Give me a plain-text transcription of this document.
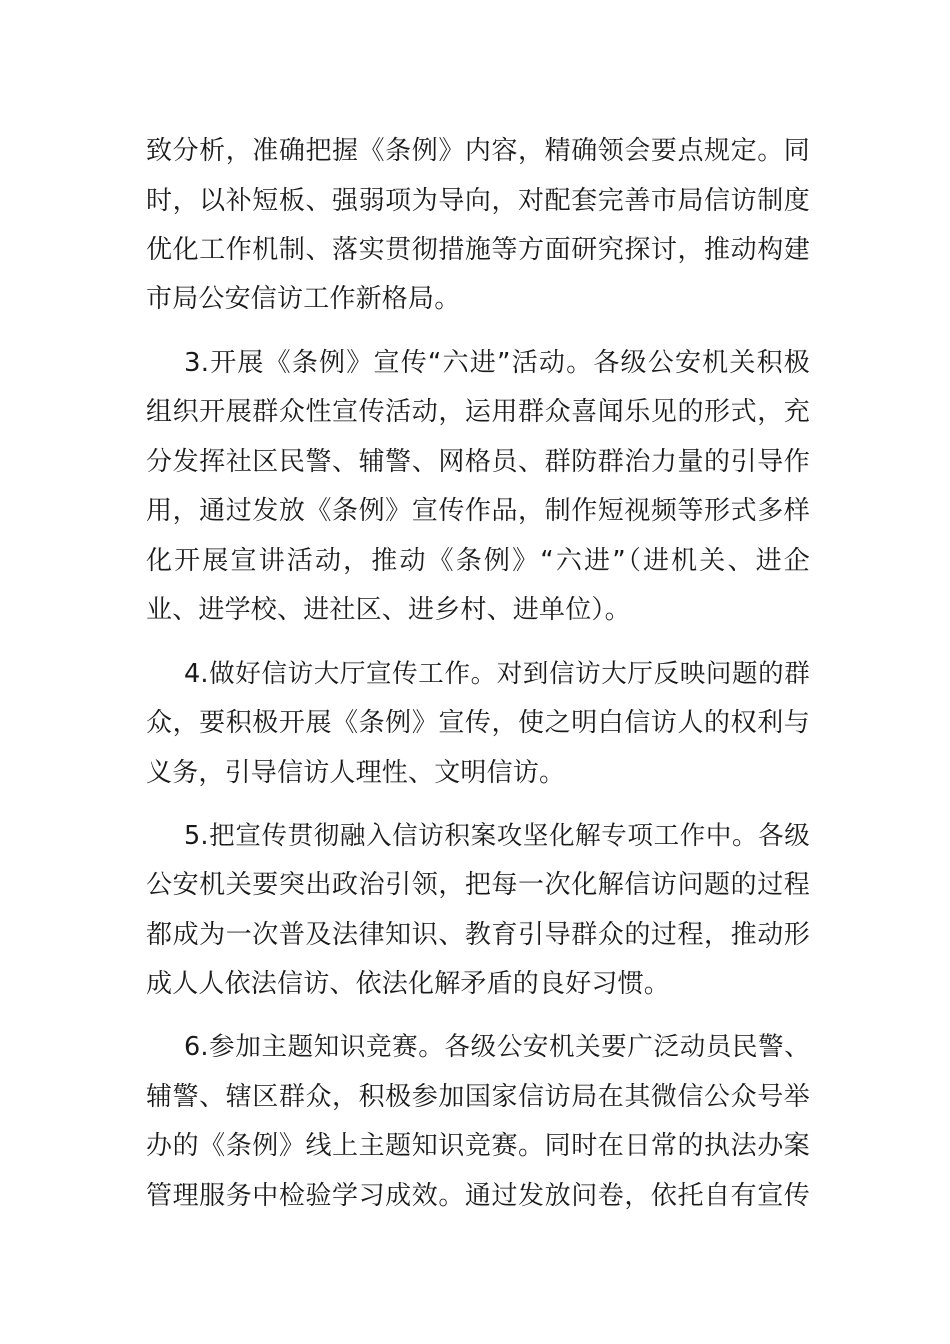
致分析，准确把握《条例》内容，精确领会要点规定。同
时，以补短板、强弱项为导向，对配套完善市局信访制度
优化工作机制、落实贯彻措施等方面研究探讨，推动构建
市局公安信访工作新格局。
3.开展《条例》宣传“六进”活动。各级公安机关积极
组织开展群众性宣传活动，运用群众喜闻乐见的形式，充
分发挥社区民警、辅警、网格员、群防群治力量的引导作
用，通过发放《条例》宣传作品，制作短视频等形式多样
化开展宣讲活动，推动《条例》“六进”（进机关、进企
业、进学校、进社区、进乡村、进单位）。
4.做好信访大厅宣传工作。对到信访大厅反映问题的群
众，要积极开展《条例》宣传，使之明白信访人的权利与
义务，引导信访人理性、文明信访。
5.把宣传贯彻融入信访积案攻坚化解专项工作中。各级
公安机关要突出政治引领，把每一次化解信访问题的过程
都成为一次普及法律知识、教育引导群众的过程，推动形
成人人依法信访、依法化解矛盾的良好习惯。
6.参加主题知识竞赛。各级公安机关要广泛动员民警、
辅警、辖区群众，积极参加国家信访局在其微信公众号举
办的《条例》线上主题知识竞赛。同时在日常的执法办案
管理服务中检验学习成效。通过发放问卷，依托自有宣传
